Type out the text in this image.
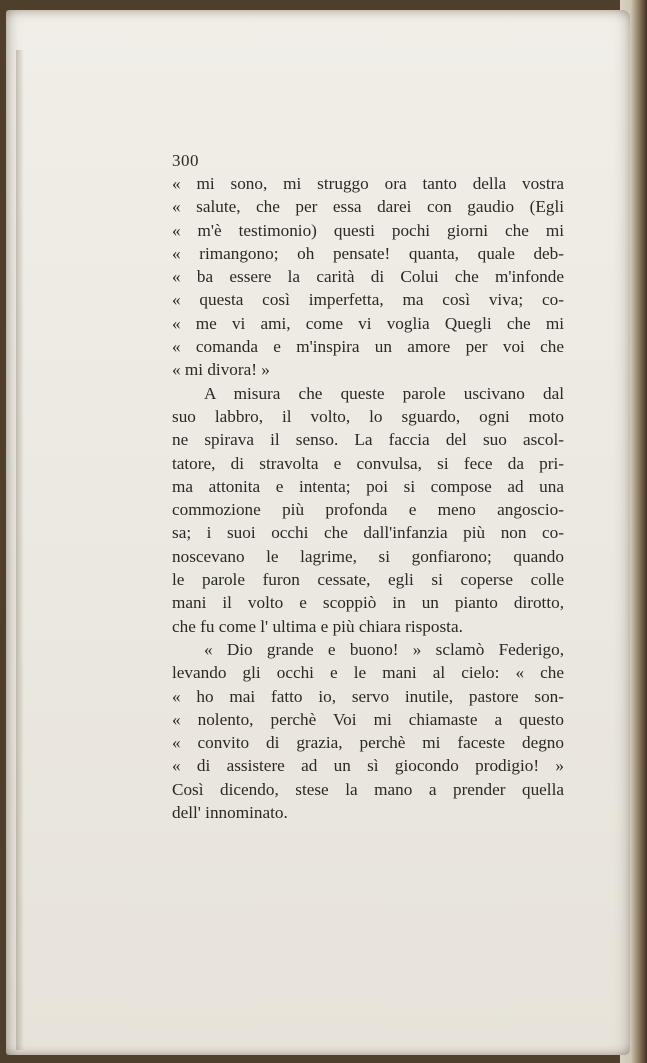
300
« mi sono, mi struggo ora tanto della vostra
« salute, che per essa darei con gaudio (Egli
« m'è testimonio) questi pochi giorni che mi
« rimangono; oh pensate! quanta, quale deb-
« ba essere la carità di Colui che m'infonde
« questa così imperfetta, ma così viva; co-
« me vi ami, come vi voglia Quegli che mi
« comanda e m'inspira un amore per voi che
« mi divora! »
A misura che queste parole uscivano dal
suo labbro, il volto, lo sguardo, ogni moto
ne spirava il senso. La faccia del suo ascol-
tatore, di stravolta e convulsa, si fece da pri-
ma attonita e intenta; poi si compose ad una
commozione più profonda e meno angoscio-
sa; i suoi occhi che dall'infanzia più non co-
noscevano le lagrime, si gonfiarono; quando
le parole furon cessate, egli si coperse colle
mani il volto e scoppiò in un pianto dirotto,
che fu come l' ultima e più chiara risposta.
« Dio grande e buono! » sclamò Federigo,
levando gli occhi e le mani al cielo: « che
« ho mai fatto io, servo inutile, pastore son-
« nolento, perchè Voi mi chiamaste a questo
« convito di grazia, perchè mi faceste degno
« di assistere ad un sì giocondo prodigio! »
Così dicendo, stese la mano a prender quella
dell' innominato.
